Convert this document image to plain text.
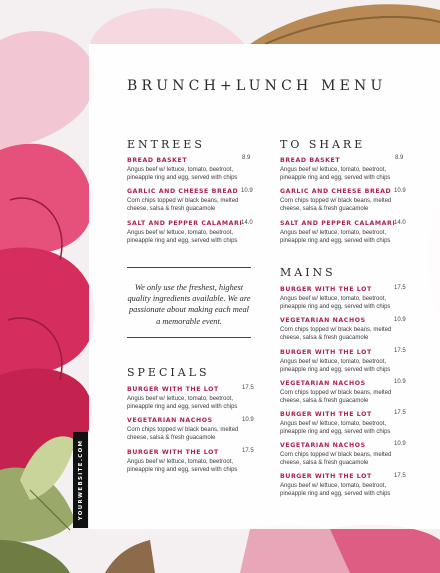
BRUNCH+LUNCH MENU
ENTREES
BREAD BASKET
Angus beef w/ lettuce, tomato, beetroot, pineapple ring and egg, served with chips
8.9
GARLIC AND CHEESE BREAD
Corn chips topped w/ black beans, melted cheese, salsa & fresh guacamole
10.9
SALT AND PEPPER CALAMARI
Angus beef w/ lettuce, tomato, beetroot, pineapple ring and egg, served with chips
14.0
TO SHARE
BREAD BASKET
Angus beef w/ lettuce, tomato, beetroot, pineapple ring and egg, served with chips
8.9
GARLIC AND CHEESE BREAD
Corn chips topped w/ black beans, melted cheese, salsa & fresh guacamole
10.9
SALT AND PEPPER CALAMARI
Angus beef w/ lettuce, tomato, beetroot, pineapple ring and egg, served with chips
14.0
We only use the freshest, highest quality ingredients available. We are passionate about making each meal a memorable event.
MAINS
BURGER WITH THE LOT
Angus beef w/ lettuce, tomato, beetroot, pineapple ring and egg, served with chips
17.5
VEGETARIAN NACHOS
Corn chips topped w/ black beans, melted cheese, salsa & fresh guacamole
10.9
BURGER WITH THE LOT
Angus beef w/ lettuce, tomato, beetroot, pineapple ring and egg, served with chips
17.5
VEGETARIAN NACHOS
Corn chips topped w/ black beans, melted cheese, salsa & fresh guacamole
10.9
BURGER WITH THE LOT
Angus beef w/ lettuce, tomato, beetroot, pineapple ring and egg, served with chips
17.5
VEGETARIAN NACHOS
Corn chips topped w/ black beans, melted cheese, salsa & fresh guacamole
10.9
BURGER WITH THE LOT
Angus beef w/ lettuce, tomato, beetroot, pineapple ring and egg, served with chips
17.5
SPECIALS
BURGER WITH THE LOT
Angus beef w/ lettuce, tomato, beetroot, pineapple ring and egg, served with chips
17.5
VEGETARIAN NACHOS
Corn chips topped w/ black beans, melted cheese, salsa & fresh guacamole
10.9
BURGER WITH THE LOT
Angus beef w/ lettuce, tomato, beetroot, pineapple ring and egg, served with chips
17.5
YOURWEBSITE.COM
